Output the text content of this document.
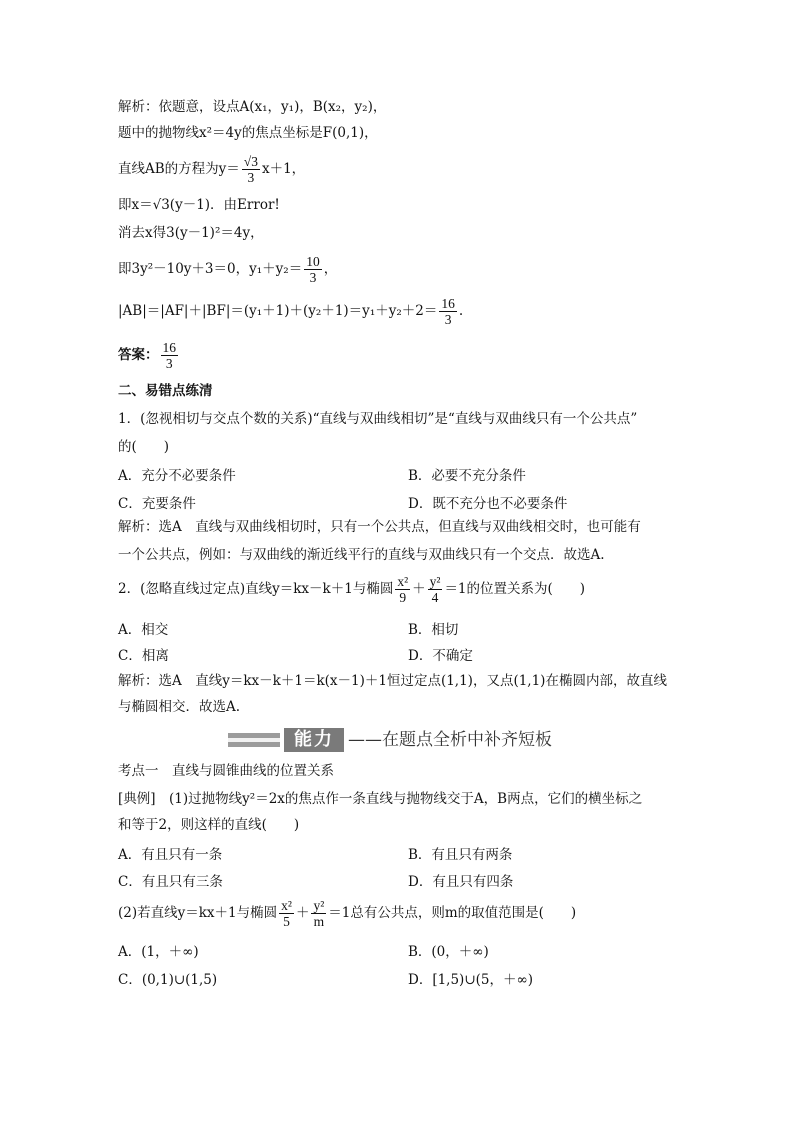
解析：依题意，设点A(x₁，y₁)，B(x₂，y₂)，
题中的抛物线x²＝4y的焦点坐标是F(0,1)，
直线AB的方程为$y= \frac{√3}{3} x+1$，
即x＝√3(y－1)．由Error!
消去x得3(y－1)²＝4y，
即3y²－10y＋3＝0，$y_1+y_2= \frac{10}{3}$ ，
$|AB|=|AF|+|BF|=(y_1+1)+(y_2+1)=y_1+y_2+2= \frac{16}{3}$ .
答案： $\frac{16}{3}$
二、易错点练清
1．(忽视相切与交点个数的关系)“直线与双曲线相切”是“直线与双曲线只有一个公共点”
的(　　)
A．充分不必要条件	B．必要不充分条件
C．充要条件	D．既不充分也不必要条件
解析：选A　直线与双曲线相切时，只有一个公共点，但直线与双曲线相交时，也可能有
一个公共点，例如：与双曲线的渐近线平行的直线与双曲线只有一个交点．故选A.
2．(忽略直线过定点)直线y＝kx－k＋1与椭圆 $\frac{\text{x²}}{9} + \frac{\text{y²}}{4} =1$的位置关系为(　　)
A．相交	B．相切
C．相离	D．不确定
解析：选A　直线y＝kx－k＋1＝k(x－1)＋1恒过定点(1,1)，又点(1,1)在椭圆内部，故直线
与椭圆相交．故选A.
能力 ——在题点全析中补齐短板
考点一　直线与圆锥曲线的位置关系
[典例]　(1)过抛物线y²＝2x的焦点作一条直线与抛物线交于A，B两点，它们的横坐标之
和等于2，则这样的直线(　　)
A．有且只有一条	B．有且只有两条
C．有且只有三条	D．有且只有四条
(2)若直线y＝kx＋1与椭圆 $\frac{\text{x²}}{5} + \frac{\text{y²}}{m} =1$总有公共点，则m的取值范围是(　　)
A．(1，＋∞)	B．(0，＋∞)
C．(0,1)∪(1,5)	D．[1,5)∪(5，＋∞)
